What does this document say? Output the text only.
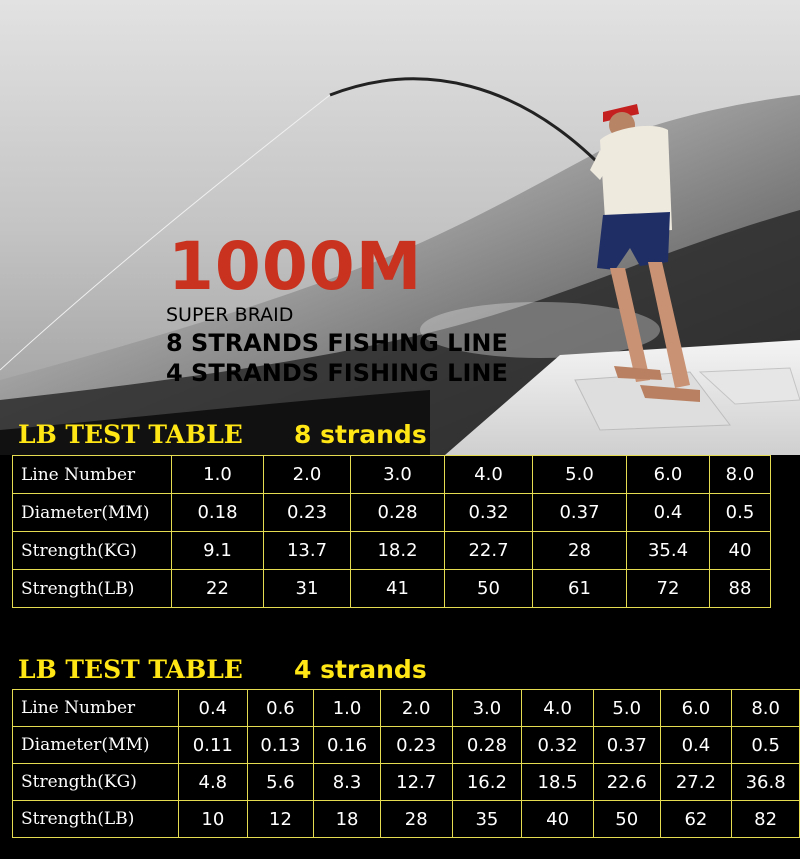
1000M

SUPER BRAID

8 STRANDS FISHING LINE

4 STRANDS FISHING LINE

LB TEST TABLE 8 strands

Line Number	1.0	2.0	3.0	4.0	5.0	6.0	8.0
Diameter(MM)	0.18	0.23	0.28	0.32	0.37	0.4	0.5
Strength(KG)	9.1	13.7	18.2	22.7	28	35.4	40
Strength(LB)	22	31	41	50	61	72	88

LB TEST TABLE 4 strands

Line Number	0.4	0.6	1.0	2.0	3.0	4.0	5.0	6.0	8.0
Diameter(MM)	0.11	0.13	0.16	0.23	0.28	0.32	0.37	0.4	0.5
Strength(KG)	4.8	5.6	8.3	12.7	16.2	18.5	22.6	27.2	36.8
Strength(LB)	10	12	18	28	35	40	50	62	82
